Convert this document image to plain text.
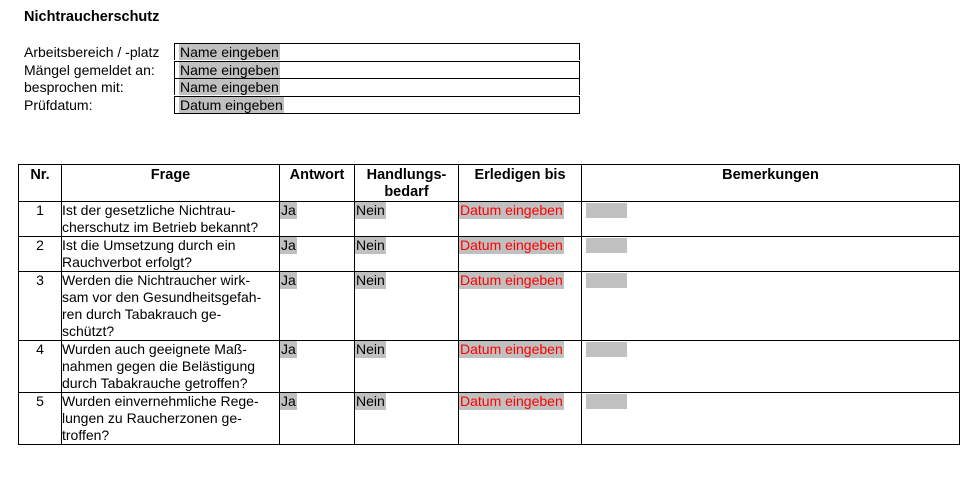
Nichtraucherschutz
Arbeitsbereich / -platz	Name eingeben
Mängel gemeldet an:	Name eingeben
besprochen mit:	Name eingeben
Prüfdatum:	Datum eingeben
Nr.	Frage	Antwort	Handlungs-
bedarf	Erledigen bis	Bemerkungen
1	Ist der gesetzliche Nichtrau-
cherschutz im Betrieb bekannt?	Ja	Nein	Datum eingeben	
2	Ist die Umsetzung durch ein
Rauchverbot erfolgt?	Ja	Nein	Datum eingeben	
3	Werden die Nichtraucher wirk-
sam vor den Gesundheitsgefah-
ren durch Tabakrauch ge-
schützt?	Ja	Nein	Datum eingeben	
4	Wurden auch geeignete Maß-
nahmen gegen die Belästigung
durch Tabakrauche getroffen?	Ja	Nein	Datum eingeben	
5	Wurden einvernehmliche Rege-
lungen zu Raucherzonen ge-
troffen?	Ja	Nein	Datum eingeben	
